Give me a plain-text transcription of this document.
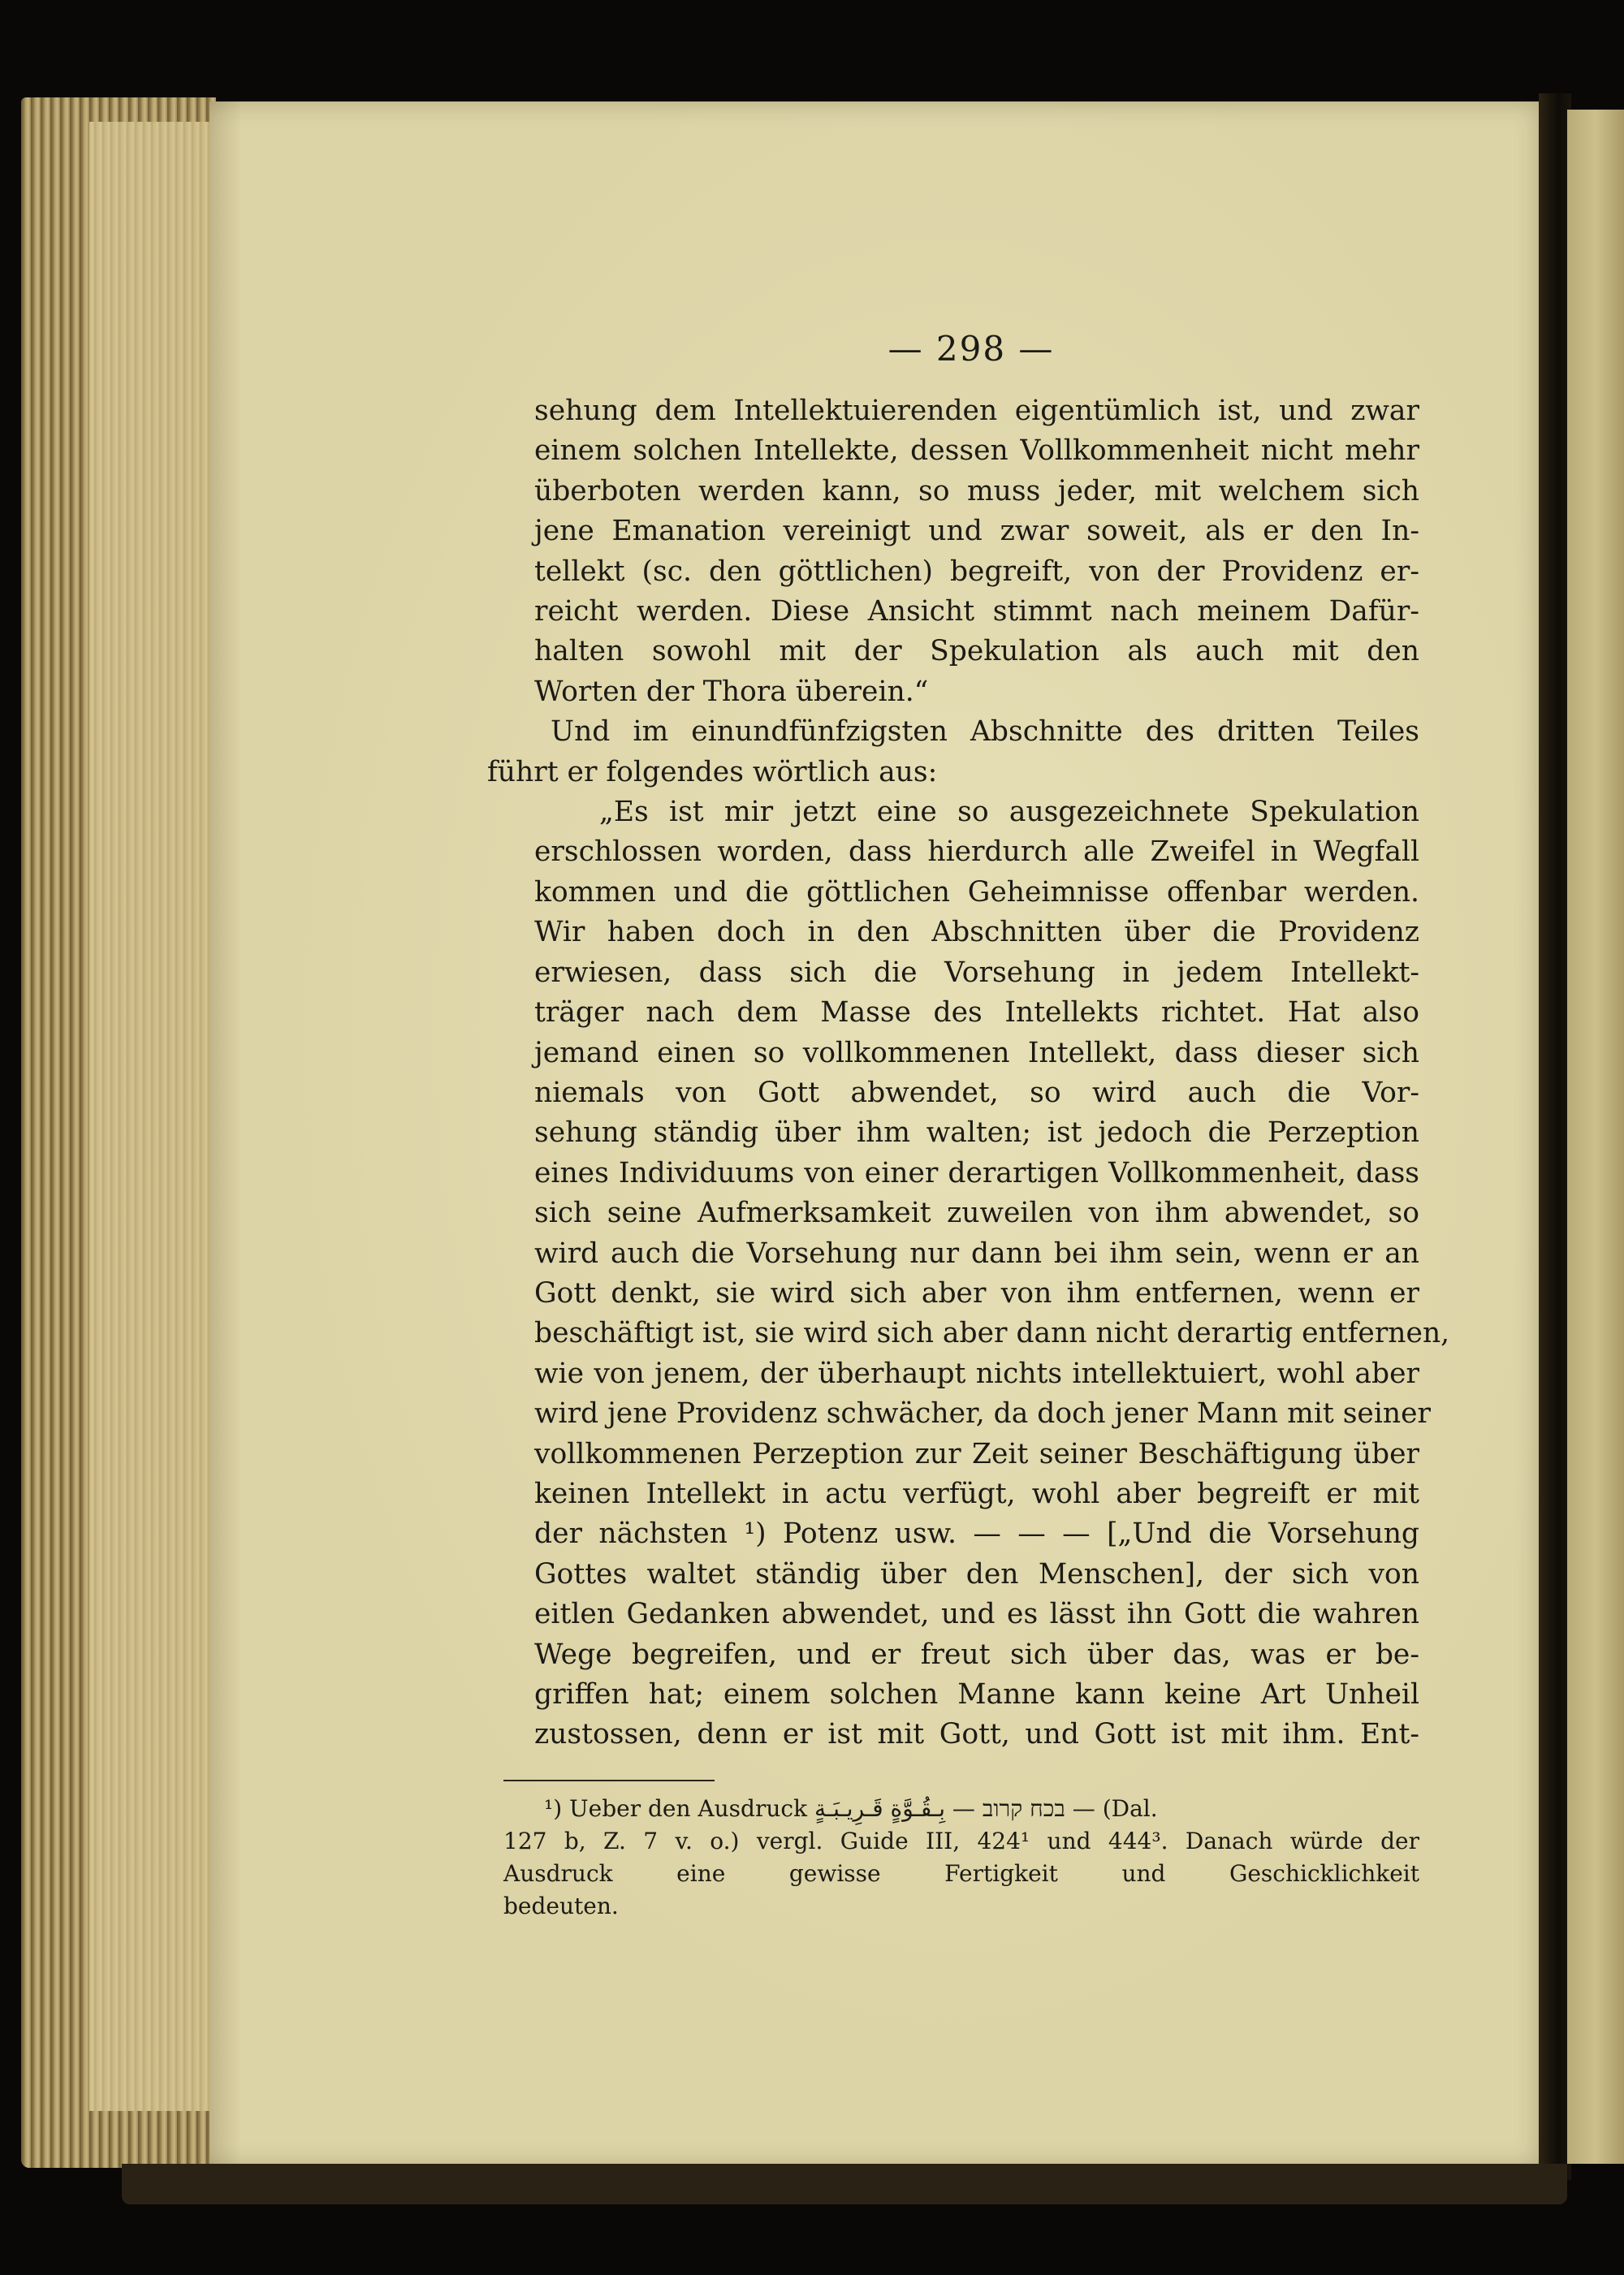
— 298 —
sehung dem Intellektuierenden eigentümlich ist, und zwar
einem solchen Intellekte, dessen Vollkommenheit nicht mehr
überboten werden kann, so muss jeder, mit welchem sich
jene Emanation vereinigt und zwar soweit, als er den In-
tellekt (sc. den göttlichen) begreift, von der Providenz er-
reicht werden. Diese Ansicht stimmt nach meinem Dafür-
halten sowohl mit der Spekulation als auch mit den
Worten der Thora überein.“
Und im einundfünfzigsten Abschnitte des dritten Teiles
führt er folgendes wörtlich aus:
„Es ist mir jetzt eine so ausgezeichnete Spekulation
erschlossen worden, dass hierdurch alle Zweifel in Wegfall
kommen und die göttlichen Geheimnisse offenbar werden.
Wir haben doch in den Abschnitten über die Providenz
erwiesen, dass sich die Vorsehung in jedem Intellekt-
träger nach dem Masse des Intellekts richtet. Hat also
jemand einen so vollkommenen Intellekt, dass dieser sich
niemals von Gott abwendet, so wird auch die Vor-
sehung ständig über ihm walten; ist jedoch die Perzeption
eines Individuums von einer derartigen Vollkommenheit, dass
sich seine Aufmerksamkeit zuweilen von ihm abwendet, so
wird auch die Vorsehung nur dann bei ihm sein, wenn er an
Gott denkt, sie wird sich aber von ihm entfernen, wenn er
beschäftigt ist, sie wird sich aber dann nicht derartig entfernen,
wie von jenem, der überhaupt nichts intellektuiert, wohl aber
wird jene Providenz schwächer, da doch jener Mann mit seiner
vollkommenen Perzeption zur Zeit seiner Beschäftigung über
keinen Intellekt in actu verfügt, wohl aber begreift er mit
der nächsten ¹) Potenz usw. — — — [„Und die Vorsehung
Gottes waltet ständig über den Menschen], der sich von
eitlen Gedanken abwendet, und es lässt ihn Gott die wahren
Wege begreifen, und er freut sich über das, was er be-
griffen hat; einem solchen Manne kann keine Art Unheil
zustossen, denn er ist mit Gott, und Gott ist mit ihm. Ent-
¹) Ueber den Ausdruck בכח קרוב — بِـقُـوَّةٍ قَـرِيـبَـةٍ — (Dal.
127 b, Z. 7 v. o.) vergl. Guide III, 424¹ und 444³. Danach würde der
Ausdruck eine gewisse Fertigkeit und Geschicklichkeit
bedeuten.
